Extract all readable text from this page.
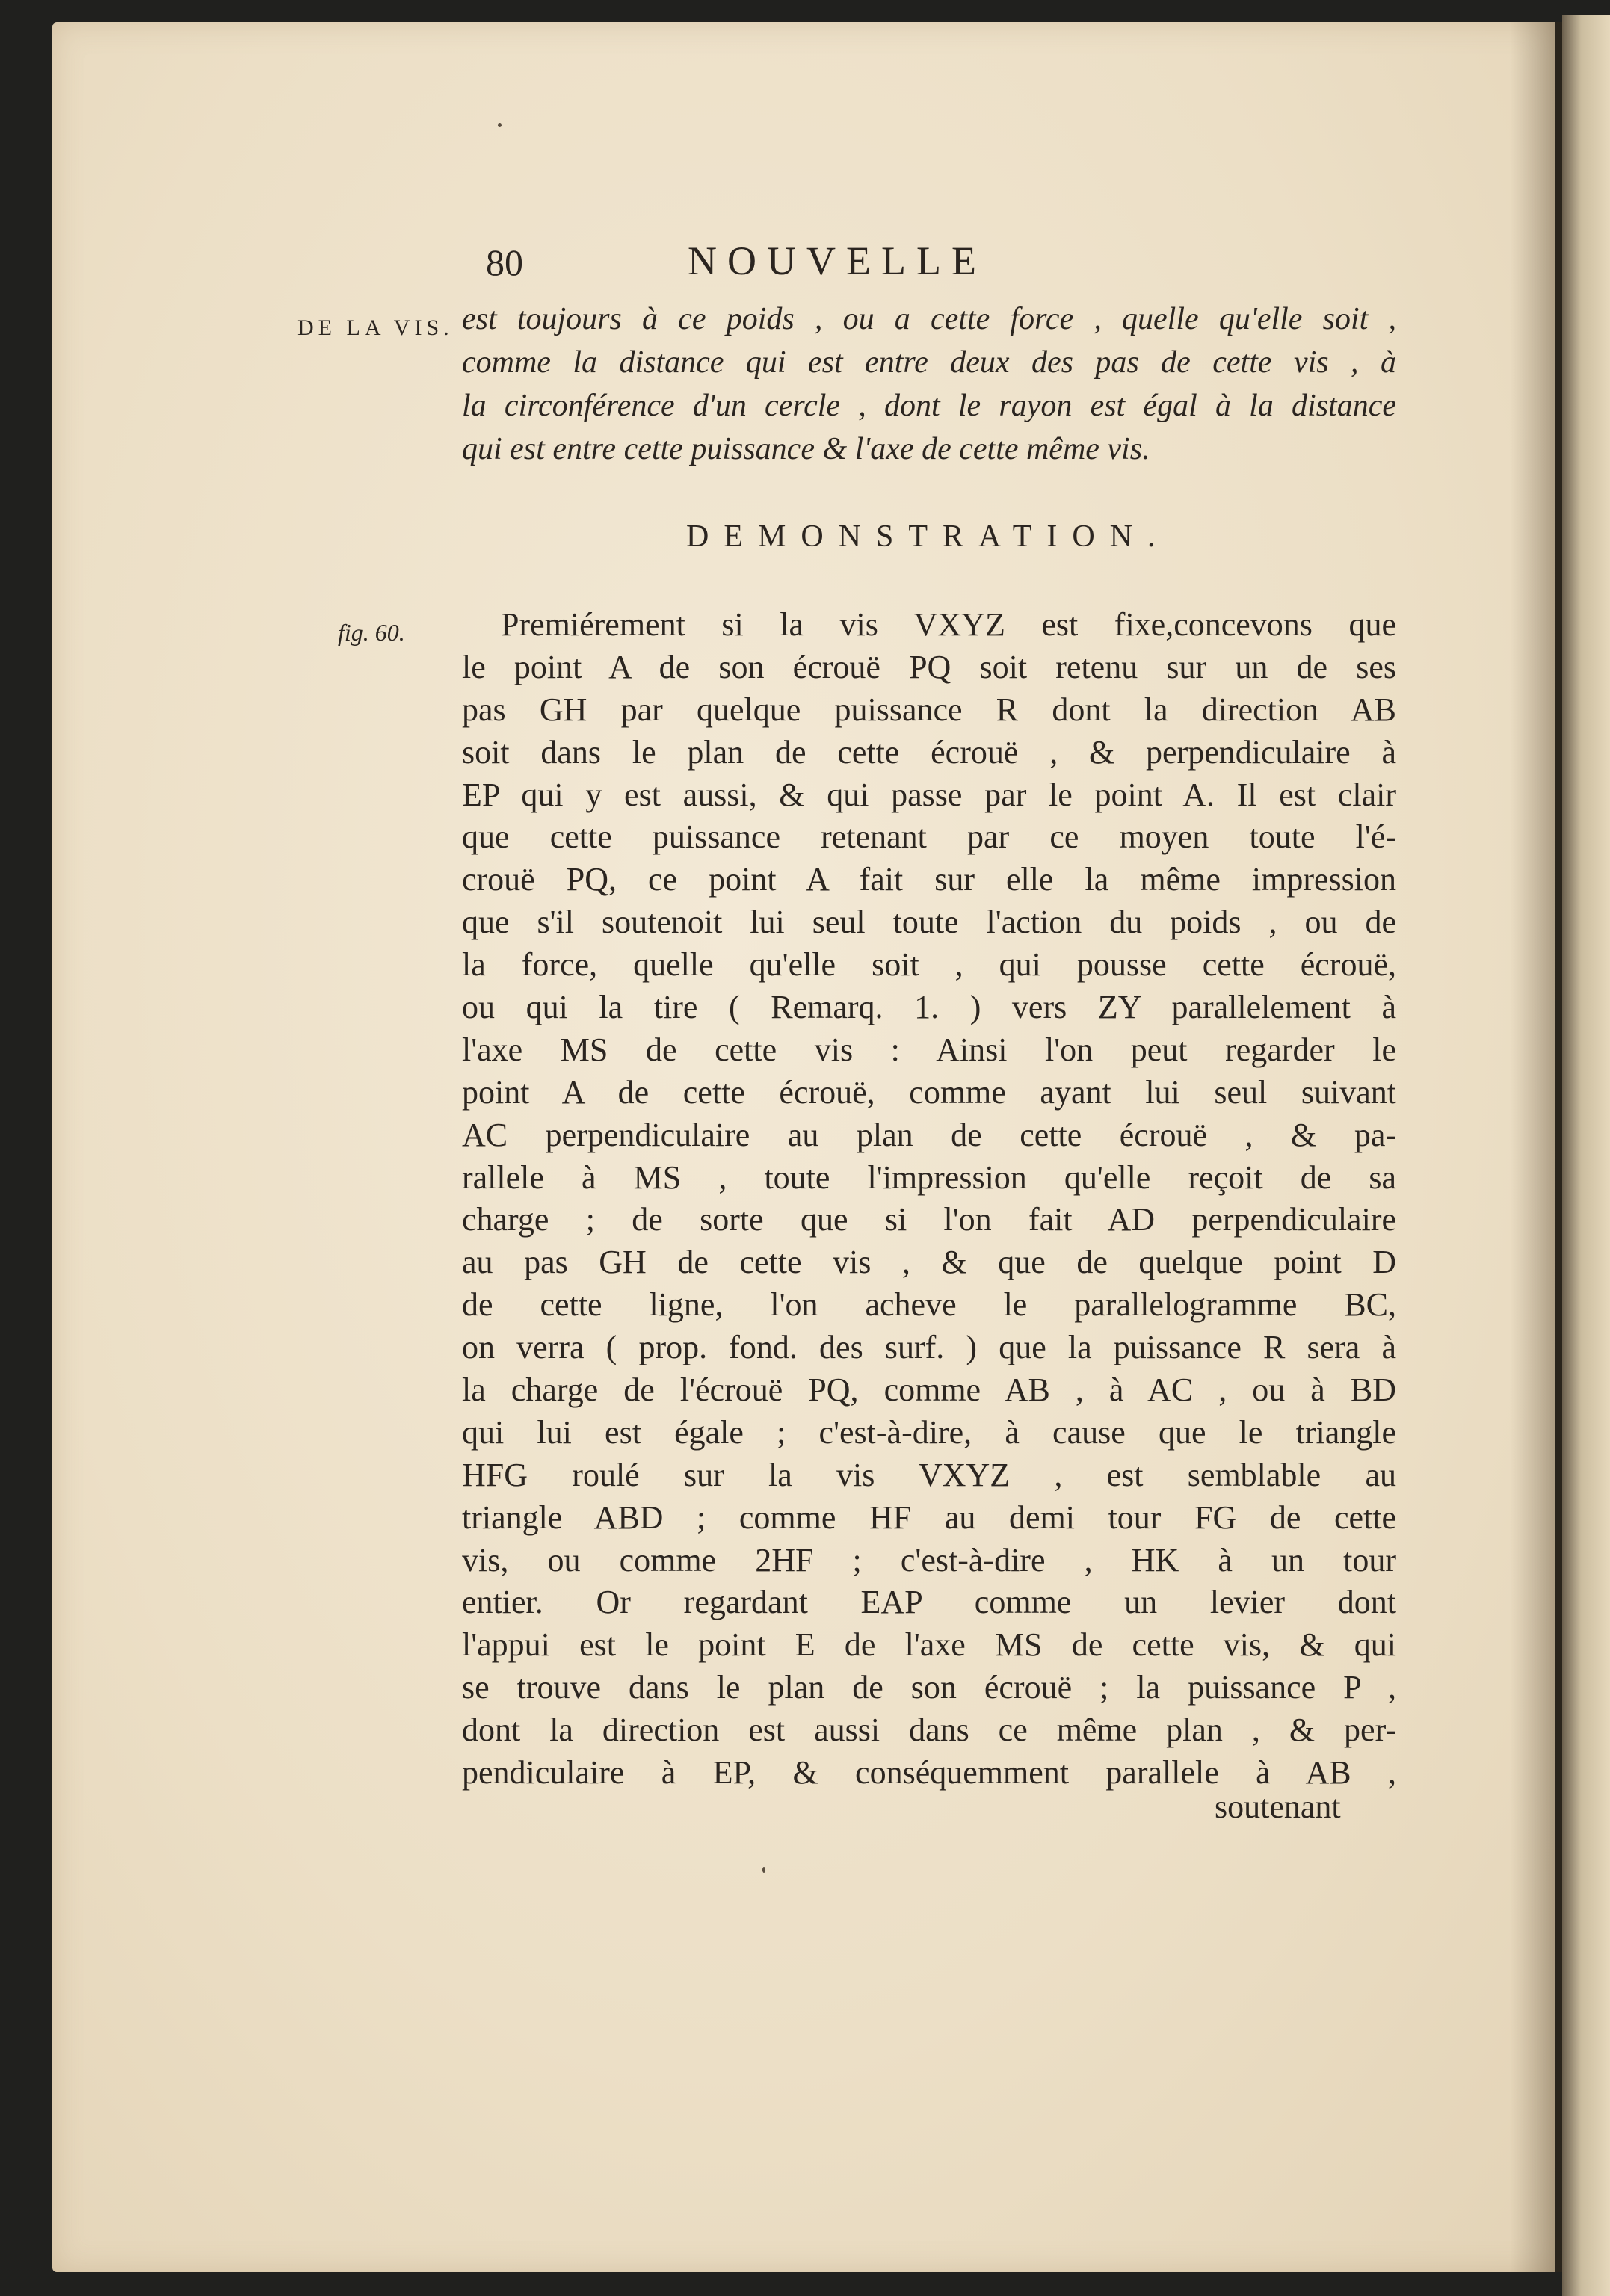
80	NOUVELLE
DE LA VIS. est toujours à ce poids , ou a cette force , quelle qu'elle soit ,
comme la distance qui est entre deux des pas de cette vis , à
la circonférence d'un cercle , dont le rayon est égal à la distance
qui est entre cette puissance & l'axe de cette même vis.
DEMONSTRATION.
fig. 60.	Premiérement si la vis VXYZ est fixe,concevons que
le point A de son écrouë PQ soit retenu sur un de ses
pas GH par quelque puissance R dont la direction AB
soit dans le plan de cette écrouë , & perpendiculaire à
EP qui y est aussi, & qui passe par le point A. Il est clair
que cette puissance retenant par ce moyen toute l'é-
crouë PQ, ce point A fait sur elle la même impression
que s'il soutenoit lui seul toute l'action du poids , ou de
la force, quelle qu'elle soit , qui pousse cette écrouë,
ou qui la tire ( Remarq. 1. ) vers ZY parallelement à
l'axe MS de cette vis : Ainsi l'on peut regarder le
point A de cette écrouë, comme ayant lui seul suivant
AC perpendiculaire au plan de cette écrouë , & pa-
rallele à MS , toute l'impression qu'elle reçoit de sa
charge ; de sorte que si l'on fait AD perpendiculaire
au pas GH de cette vis , & que de quelque point D
de cette ligne, l'on acheve le parallelogramme BC,
on verra ( prop. fond. des surf. ) que la puissance R sera à
la charge de l'écrouë PQ, comme AB , à AC , ou à BD
qui lui est égale ; c'est-à-dire, à cause que le triangle
HFG roulé sur la vis VXYZ , est semblable au
triangle ABD ; comme HF au demi tour FG de cette
vis, ou comme 2HF ; c'est-à-dire , HK à un tour
entier. Or regardant EAP comme un levier dont
l'appui est le point E de l'axe MS de cette vis, & qui
se trouve dans le plan de son écrouë ; la puissance P ,
dont la direction est aussi dans ce même plan , & per-
pendiculaire à EP, & conséquemment parallele à AB ,
soutenant
